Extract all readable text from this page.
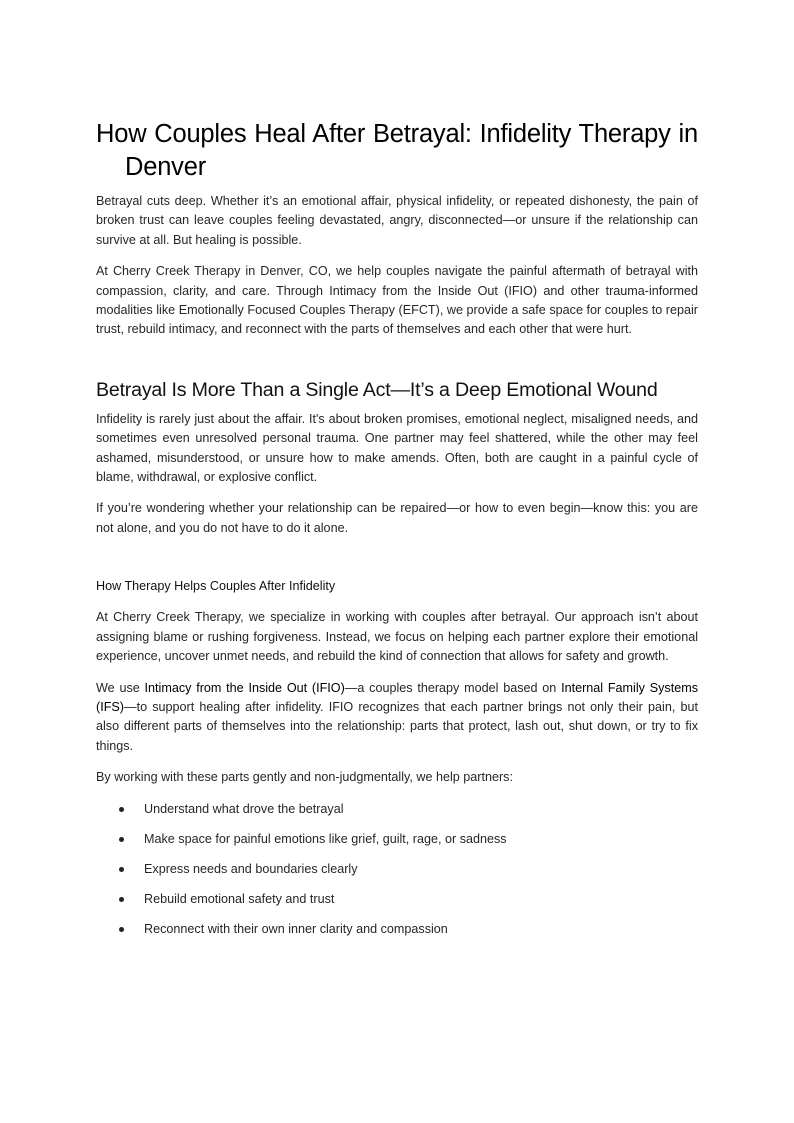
How Couples Heal After Betrayal: Infidelity Therapy in Denver

Betrayal cuts deep. Whether it’s an emotional affair, physical infidelity, or repeated dishonesty, the pain of broken trust can leave couples feeling devastated, angry, disconnected—or unsure if the relationship can survive at all. But healing is possible.

At Cherry Creek Therapy in Denver, CO, we help couples navigate the painful aftermath of betrayal with compassion, clarity, and care. Through Intimacy from the Inside Out (IFIO) and other trauma-informed modalities like Emotionally Focused Couples Therapy (EFCT), we provide a safe space for couples to repair trust, rebuild intimacy, and reconnect with the parts of themselves and each other that were hurt.

Betrayal Is More Than a Single Act—It’s a Deep Emotional Wound

Infidelity is rarely just about the affair. It's about broken promises, emotional neglect, misaligned needs, and sometimes even unresolved personal trauma. One partner may feel shattered, while the other may feel ashamed, misunderstood, or unsure how to make amends. Often, both are caught in a painful cycle of blame, withdrawal, or explosive conflict.

If you’re wondering whether your relationship can be repaired—or how to even begin—know this: you are not alone, and you do not have to do it alone.

How Therapy Helps Couples After Infidelity

At Cherry Creek Therapy, we specialize in working with couples after betrayal. Our approach isn’t about assigning blame or rushing forgiveness. Instead, we focus on helping each partner explore their emotional experience, uncover unmet needs, and rebuild the kind of connection that allows for safety and growth.

We use Intimacy from the Inside Out (IFIO)—a couples therapy model based on Internal Family Systems (IFS)—to support healing after infidelity. IFIO recognizes that each partner brings not only their pain, but also different parts of themselves into the relationship: parts that protect, lash out, shut down, or try to fix things.

By working with these parts gently and non-judgmentally, we help partners:

Understand what drove the betrayal
Make space for painful emotions like grief, guilt, rage, or sadness
Express needs and boundaries clearly
Rebuild emotional safety and trust
Reconnect with their own inner clarity and compassion
